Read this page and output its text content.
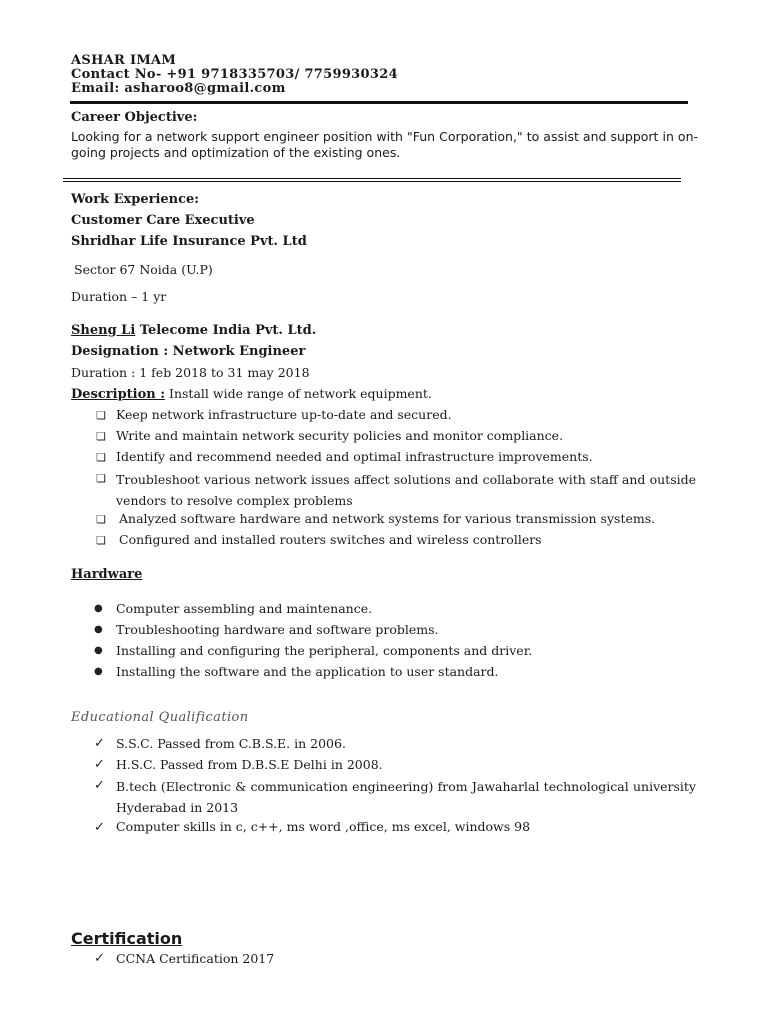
ASHAR IMAM
Contact No- +91 9718335703/ 7759930324
Email: asharoo8@gmail.com
Career Objective:
Looking for a network support engineer position with "Fun Corporation," to assist and support in on-going projects and optimization of the existing ones.
Work Experience:
Customer Care Executive
Shridhar Life Insurance Pvt. Ltd
Sector 67 Noida (U.P)
Duration – 1 yr
Sheng Li Telecome India Pvt. Ltd.
Designation : Network Engineer
Duration : 1 feb 2018 to 31 may 2018
Description : Install wide range of network equipment.
❏ Keep network infrastructure up-to-date and secured.
❏ Write and maintain network security policies and monitor compliance.
❏ Identify and recommend needed and optimal infrastructure improvements.
❏ Troubleshoot various network issues affect solutions and collaborate with staff and outside vendors to resolve complex problems
❏ Analyzed software hardware and network systems for various transmission systems.
❏ Configured and installed routers switches and wireless controllers
Hardware
● Computer assembling and maintenance.
● Troubleshooting hardware and software problems.
● Installing and configuring the peripheral, components and driver.
● Installing the software and the application to user standard.
Educational Qualification
✓ S.S.C. Passed from C.B.S.E. in 2006.
✓ H.S.C. Passed from D.B.S.E Delhi in 2008.
✓ B.tech (Electronic & communication engineering) from Jawaharlal technological university Hyderabad in 2013
✓ Computer skills in c, c++, ms word ,office, ms excel, windows 98
Certification
✓ CCNA Certification 2017
